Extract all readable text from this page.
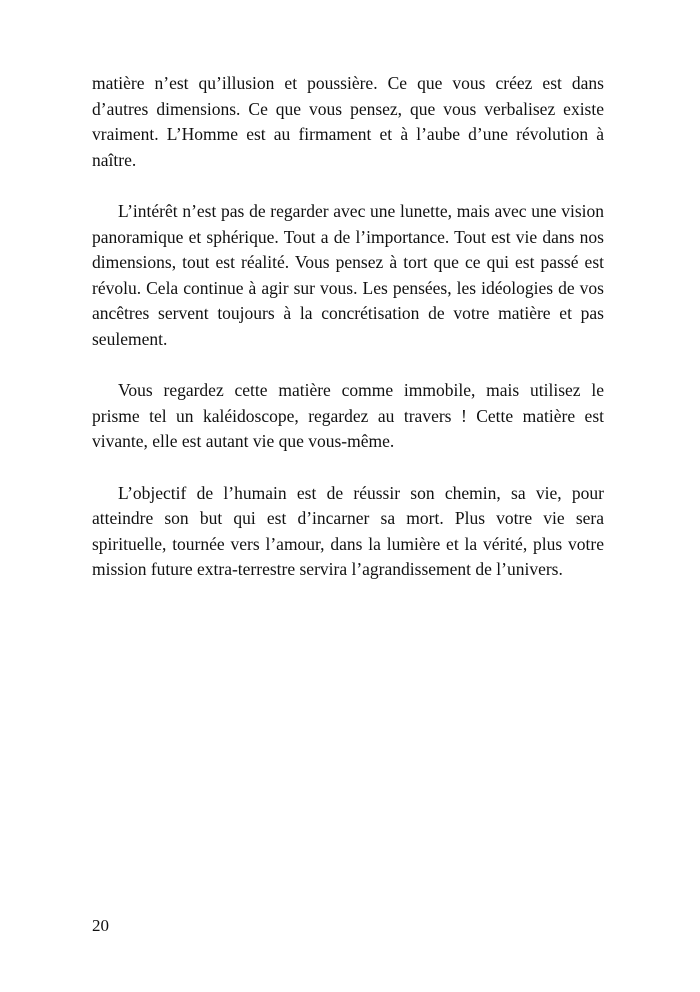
matière n’est qu’illusion et poussière. Ce que vous créez est dans d’autres dimensions. Ce que vous pensez, que vous verbalisez existe vraiment. L’Homme est au firmament et à l’aube d’une révolution à naître.

L’intérêt n’est pas de regarder avec une lunette, mais avec une vision panoramique et sphérique. Tout a de l’importance. Tout est vie dans nos dimensions, tout est réalité. Vous pensez à tort que ce qui est passé est révolu. Cela continue à agir sur vous. Les pensées, les idéologies de vos ancêtres servent toujours à la concrétisation de votre matière et pas seulement.

Vous regardez cette matière comme immobile, mais utilisez le prisme tel un kaléidoscope, regardez au travers ! Cette matière est vivante, elle est autant vie que vous-même.

L’objectif de l’humain est de réussir son chemin, sa vie, pour atteindre son but qui est d’incarner sa mort. Plus votre vie sera spirituelle, tournée vers l’amour, dans la lumière et la vérité, plus votre mission future extra-terrestre servira l’agrandissement de l’univers.

20
